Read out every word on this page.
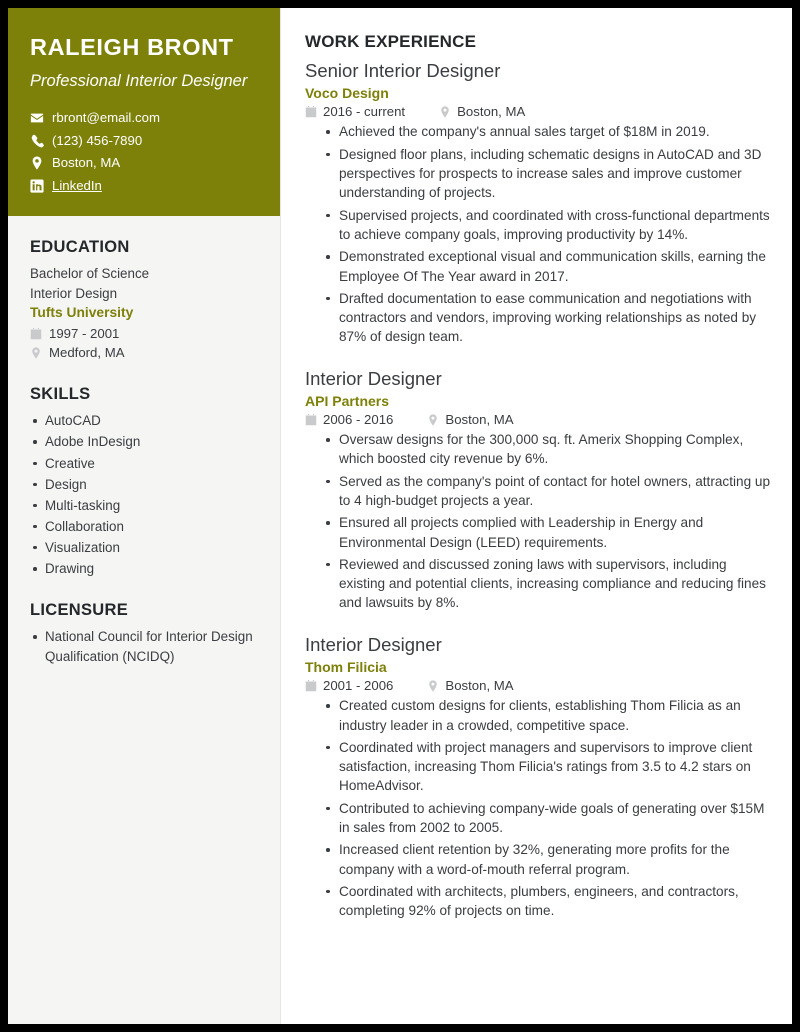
RALEIGH BRONT
Professional Interior Designer
rbront@email.com
(123) 456-7890
Boston, MA
LinkedIn
EDUCATION
Bachelor of Science
Interior Design
Tufts University
1997 - 2001
Medford, MA
SKILLS
AutoCAD
Adobe InDesign
Creative
Design
Multi-tasking
Collaboration
Visualization
Drawing
LICENSURE
National Council for Interior Design Qualification (NCIDQ)
WORK EXPERIENCE
Senior Interior Designer
Voco Design
2016 - current	Boston, MA
Achieved the company's annual sales target of $18M in 2019.
Designed floor plans, including schematic designs in AutoCAD and 3D perspectives for prospects to increase sales and improve customer understanding of projects.
Supervised projects, and coordinated with cross-functional departments to achieve company goals, improving productivity by 14%.
Demonstrated exceptional visual and communication skills, earning the Employee Of The Year award in 2017.
Drafted documentation to ease communication and negotiations with contractors and vendors, improving working relationships as noted by 87% of design team.
Interior Designer
API Partners
2006 - 2016	Boston, MA
Oversaw designs for the 300,000 sq. ft. Amerix Shopping Complex, which boosted city revenue by 6%.
Served as the company's point of contact for hotel owners, attracting up to 4 high-budget projects a year.
Ensured all projects complied with Leadership in Energy and Environmental Design (LEED) requirements.
Reviewed and discussed zoning laws with supervisors, including existing and potential clients, increasing compliance and reducing fines and lawsuits by 8%.
Interior Designer
Thom Filicia
2001 - 2006	Boston, MA
Created custom designs for clients, establishing Thom Filicia as an industry leader in a crowded, competitive space.
Coordinated with project managers and supervisors to improve client satisfaction, increasing Thom Filicia's ratings from 3.5 to 4.2 stars on HomeAdvisor.
Contributed to achieving company-wide goals of generating over $15M in sales from 2002 to 2005.
Increased client retention by 32%, generating more profits for the company with a word-of-mouth referral program.
Coordinated with architects, plumbers, engineers, and contractors, completing 92% of projects on time.
